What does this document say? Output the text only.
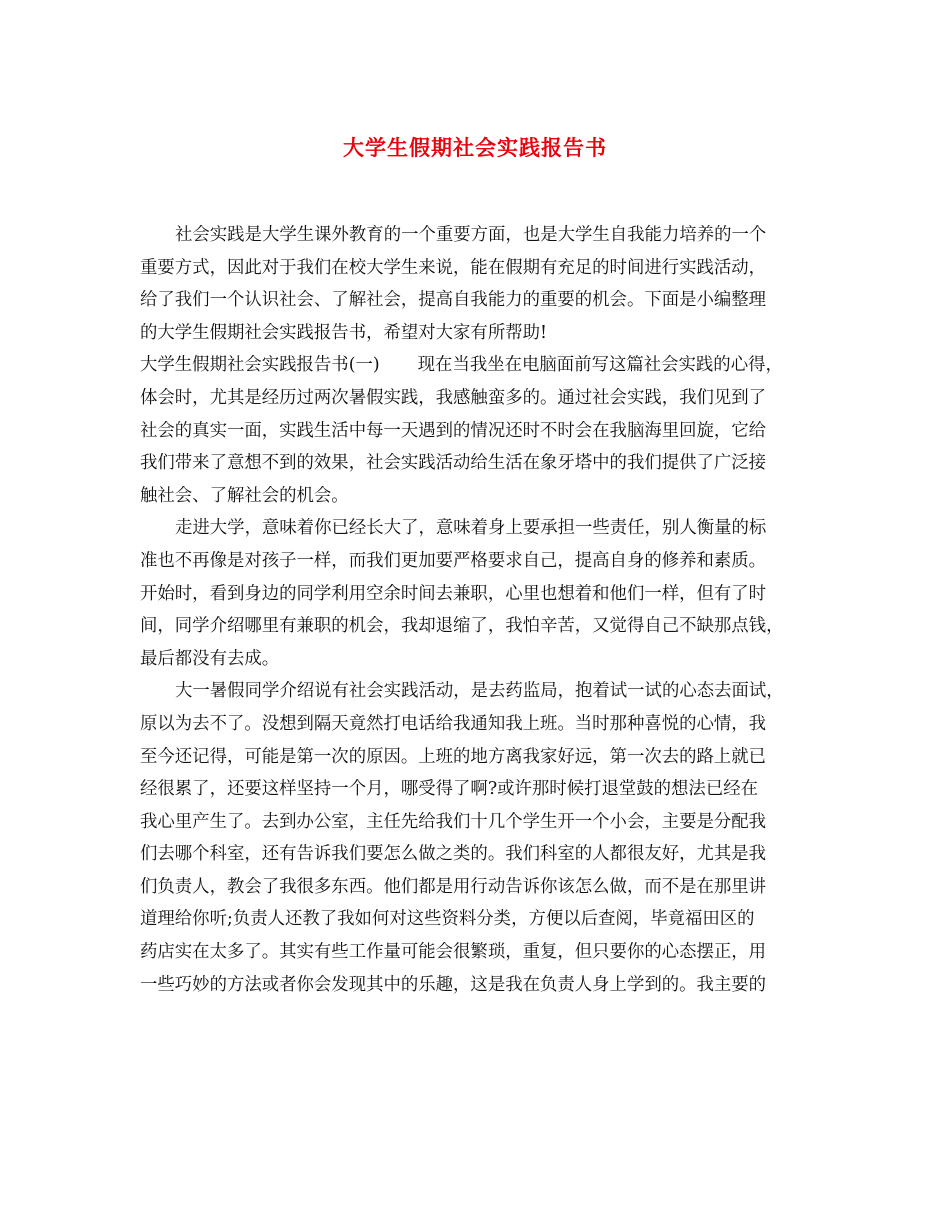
大学生假期社会实践报告书
社会实践是大学生课外教育的一个重要方面，也是大学生自我能力培养的一个
重要方式，因此对于我们在校大学生来说，能在假期有充足的时间进行实践活动，
给了我们一个认识社会、了解社会，提高自我能力的重要的机会。下面是小编整理
的大学生假期社会实践报告书，希望对大家有所帮助!
大学生假期社会实践报告书(一) 现在当我坐在电脑面前写这篇社会实践的心得，
体会时，尤其是经历过两次暑假实践，我感触蛮多的。通过社会实践，我们见到了
社会的真实一面，实践生活中每一天遇到的情况还时不时会在我脑海里回旋，它给
我们带来了意想不到的效果，社会实践活动给生活在象牙塔中的我们提供了广泛接
触社会、了解社会的机会。
走进大学，意味着你已经长大了，意味着身上要承担一些责任，别人衡量的标
准也不再像是对孩子一样，而我们更加要严格要求自己，提高自身的修养和素质。
开始时，看到身边的同学利用空余时间去兼职，心里也想着和他们一样，但有了时
间，同学介绍哪里有兼职的机会，我却退缩了，我怕辛苦，又觉得自己不缺那点钱，
最后都没有去成。
大一暑假同学介绍说有社会实践活动，是去药监局，抱着试一试的心态去面试，
原以为去不了。没想到隔天竟然打电话给我通知我上班。当时那种喜悦的心情，我
至今还记得，可能是第一次的原因。上班的地方离我家好远，第一次去的路上就已
经很累了，还要这样坚持一个月，哪受得了啊?或许那时候打退堂鼓的想法已经在
我心里产生了。去到办公室，主任先给我们十几个学生开一个小会，主要是分配我
们去哪个科室，还有告诉我们要怎么做之类的。我们科室的人都很友好，尤其是我
们负责人，教会了我很多东西。他们都是用行动告诉你该怎么做，而不是在那里讲
道理给你听;负责人还教了我如何对这些资料分类，方便以后查阅，毕竟福田区的
药店实在太多了。其实有些工作量可能会很繁琐，重复，但只要你的心态摆正，用
一些巧妙的方法或者你会发现其中的乐趣，这是我在负责人身上学到的。我主要的
